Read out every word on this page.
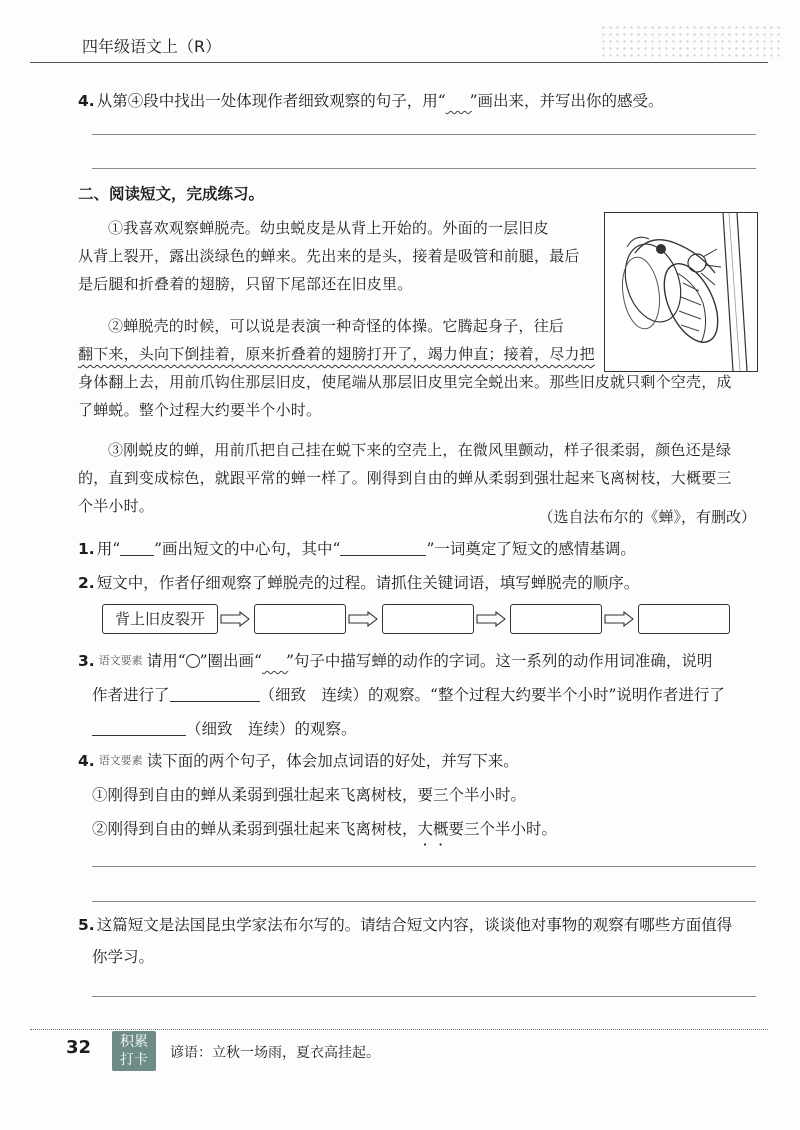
四年级语文上（R）
4. 从第④段中找出一处体现作者细致观察的句子，用“ ”画出来，并写出你的感受。
二、阅读短文，完成练习。
①我喜欢观察蝉脱壳。幼虫蜕皮是从背上开始的。外面的一层旧皮
从背上裂开，露出淡绿色的蝉来。先出来的是头，接着是吸管和前腿，最后
是后腿和折叠着的翅膀，只留下尾部还在旧皮里。
②蝉脱壳的时候，可以说是表演一种奇怪的体操。它腾起身子，往后
翻下来，头向下倒挂着，原来折叠着的翅膀打开了，竭力伸直；接着，尽力把
身体翻上去，用前爪钩住那层旧皮，使尾端从那层旧皮里完全蜕出来。那些旧皮就只剩个空壳，成
了蝉蜕。整个过程大约要半个小时。
③刚蜕皮的蝉，用前爪把自己挂在蜕下来的空壳上，在微风里颤动，样子很柔弱，颜色还是绿
的，直到变成棕色，就跟平常的蝉一样了。刚得到自由的蝉从柔弱到强壮起来飞离树枝，大概要三
个半小时。
（选自法布尔的《蝉》，有删改）
1. 用“ ”画出短文的中心句，其中“	”一词奠定了短文的感情基调。
2. 短文中，作者仔细观察了蝉脱壳的过程。请抓住关键词语，填写蝉脱壳的顺序。
背上旧皮裂开
3. 语文要素 请用“○”圈出画“ ”句子中描写蝉的动作的字词。这一系列的动作用词准确，说明
作者进行了	（细致　连续）的观察。“整个过程大约要半个小时”说明作者进行了
（细致　连续）的观察。
4. 语文要素 读下面的两个句子，体会加点词语的好处，并写下来。
①刚得到自由的蝉从柔弱到强壮起来飞离树枝，要三个半小时。
②刚得到自由的蝉从柔弱到强壮起来飞离树枝，大概要三个半小时。
5. 这篇短文是法国昆虫学家法布尔写的。请结合短文内容，谈谈他对事物的观察有哪些方面值得
你学习。
32	积累
打卡	谚语：立秋一场雨，夏衣高挂起。
